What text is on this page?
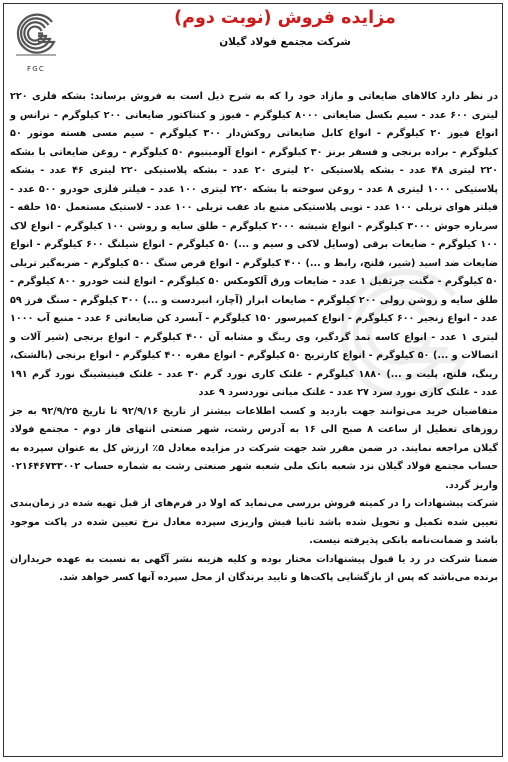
FGC
مزایده فروش (نوبت دوم)
شرکت مجتمع فولاد گیلان

در نظر دارد کالاهای ضایعاتی و مازاد خود را که به شرح ذیل است به فروش برساند: بشکه فلزی ۲۲۰ لیتری ۶۰۰ عدد - سیم بکسل ضایعاتی ۸۰۰۰ کیلوگرم - فیوز و کنتاکتور ضایعاتی ۲۰۰ کیلوگرم - ترانس و انواع فیوز ۲۰ کیلوگرم - انواع کابل ضایعاتی روکش‌دار ۳۰۰ کیلوگرم - سیم مسی هسته موتور ۵۰ کیلوگرم - براده برنجی و فسفر برنز ۳۰ کیلوگرم - انواع آلومینیوم ۵۰ کیلوگرم - روغن ضایعاتی با بشکه ۲۲۰ لیتری ۴۸ عدد - بشکه پلاستیکی ۲۰ لیتری ۲۰ عدد - بشکه پلاستیکی ۲۲۰ لیتری ۴۶ عدد - بشکه پلاستیکی ۱۰۰۰ لیتری ۸ عدد - روغن سوخته با بشکه ۲۲۰ لیتری ۱۰۰ عدد - فیلتر فلزی خودرو ۵۰۰ عدد - فیلتر هوای تریلی ۱۰۰ عدد - تویی پلاستیکی منبع باد عقب تریلی ۱۰۰ عدد - لاستیک مستعمل ۱۵۰ حلقه - سرباره جوش ۳۰۰۰ کیلوگرم - انواع شیشه ۲۰۰۰ کیلوگرم - طلق سایه و روشن ۱۰۰ کیلوگرم - انواع لاک ۱۰۰ کیلوگرم - ضایعات برقی (وسایل لاکی و سیم و ...) ۵۰ کیلوگرم - انواع شیلنگ ۶۰۰ کیلوگرم - انواع ضایعات ضد اسید (شیر، فلنج، رابط و ...) ۴۰۰ کیلوگرم - انواع قرص سنگ ۵۰۰ کیلوگرم - ضربه‌گیر تریلی ۵۰ کیلوگرم - مگنت جرثقیل ۱ عدد - ضایعات ورق آلکومکس ۵۰ کیلوگرم - انواع لنت خودرو ۸۰۰ کیلوگرم - طلق سایه و روشن رولی ۲۰۰ کیلوگرم - ضایعات ابزار (آچار، انبردست و ...) ۳۰۰ کیلوگرم - سنگ فرز ۵۹ عدد - انواع زنجیر ۶۰۰ کیلوگرم - انواع کمپرسور ۱۵۰ کیلوگرم - آبسرد کن ضایعاتی ۶ عدد - منبع آب ۱۰۰۰ لیتری ۱ عدد - انواع کاسه نمد گردگیر، وی رینگ و مشابه آن ۴۰۰ کیلوگرم - انواع برنجی (شیر آلات و اتصالات و ...) ۵۰ کیلوگرم - انواع کارتریج ۵۰ کیلوگرم - انواع مقره ۴۰۰ کیلوگرم - انواع برنجی (بالشتک، رینگ، فلنج، پلیت و ...) ۱۸۸۰ کیلوگرم - غلتک کاری نورد گرم ۳۰ عدد - غلتک فینیشینگ نورد گرم ۱۹۱ عدد - غلتک کاری نورد سرد ۲۷ عدد - غلتک میانی نوردسرد ۹ عدد

متقاضیان خرید می‌توانند جهت بازدید و کسب اطلاعات بیشتر از تاریخ ۹۲/۹/۱۶ تا تاریخ ۹۲/۹/۲۵ به جز روزهای تعطیل از ساعت ۸ صبح الی ۱۶ به آدرس رشت، شهر صنعتی انتهای فاز دوم - مجتمع فولاد گیلان مراجعه نمایند. در ضمن مقرر شد جهت شرکت در مزایده معادل ۵٪ ارزش کل به عنوان سپرده به حساب مجتمع فولاد گیلان نزد شعبه بانک ملی شعبه شهر صنعتی رشت به شماره حساب ۰۲۱۶۴۶۷۳۳۰۰۲ واریز گردد.

شرکت پیشنهادات را در کمیته فروش بررسی می‌نماید که اولا در فرم‌های از قبل تهیه شده در زمان‌بندی تعیین شده تکمیل و تحویل شده باشد ثانیا فیش واریزی سپرده معادل نرخ تعیین شده در پاکت موجود باشد و ضمانت‌نامه بانکی پذیرفته نیست.

ضمنا شرکت در رد یا قبول پیشنهادات مختار بوده و کلیه هزینه نشر آگهی به نسبت به عهده خریداران برنده می‌باشد که پس از بازگشایی پاکت‌ها و تایید برندگان از محل سپرده آنها کسر خواهد شد.
